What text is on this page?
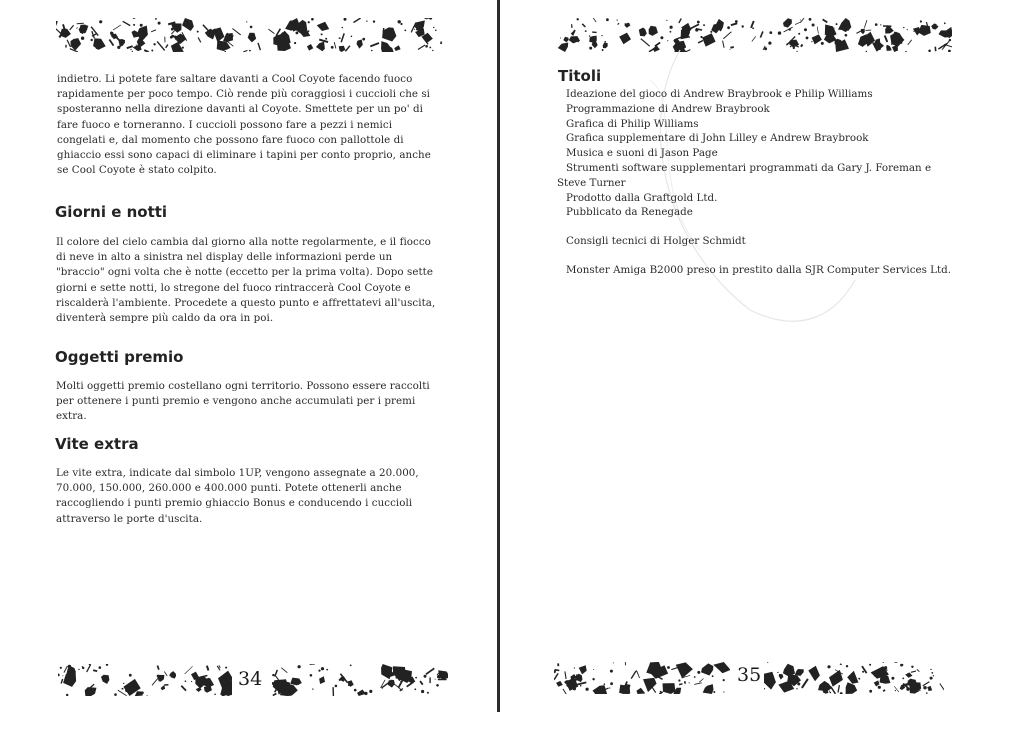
34	35

indietro. Li potete fare saltare davanti a Cool Coyote facendo fuoco rapidamente per poco tempo. Ciò rende più coraggiosi i cuccioli che si sposteranno nella direzione davanti al Coyote. Smettete per un po' di fare fuoco e torneranno. I cuccioli possono fare a pezzi i nemici congelati e, dal momento che possono fare fuoco con pallottole di ghiaccio essi sono capaci di eliminare i tapini per conto proprio, anche se Cool Coyote è stato colpito.

Giorni e notti

Il colore del cielo cambia dal giorno alla notte regolarmente, e il fiocco di neve in alto a sinistra nel display delle informazioni perde un "braccio" ogni volta che è notte (eccetto per la prima volta). Dopo sette giorni e sette notti, lo stregone del fuoco rintraccerà Cool Coyote e riscalderà l'ambiente. Procedete a questo punto e affrettatevi all'uscita, diventerà sempre più caldo da ora in poi.

Oggetti premio

Molti oggetti premio costellano ogni territorio. Possono essere raccolti per ottenere i punti premio e vengono anche accumulati per i premi extra.

Vite extra

Le vite extra, indicate dal simbolo 1UP, vengono assegnate a 20.000, 70.000, 150.000, 260.000 e 400.000 punti. Potete ottenerli anche raccogliendo i punti premio ghiaccio Bonus e conducendo i cuccioli attraverso le porte d'uscita.

Titoli
Ideazione del gioco di Andrew Braybrook e Philip Williams
Programmazione di Andrew Braybrook
Grafica di Philip Williams
Grafica supplementare di John Lilley e Andrew Braybrook
Musica e suoni di Jason Page
Strumenti software supplementari programmati da Gary J. Foreman e
Steve Turner
Prodotto dalla Graftgold Ltd.
Pubblicato da Renegade
Consigli tecnici di Holger Schmidt
Monster Amiga B2000 preso in prestito dalla SJR Computer Services Ltd.
